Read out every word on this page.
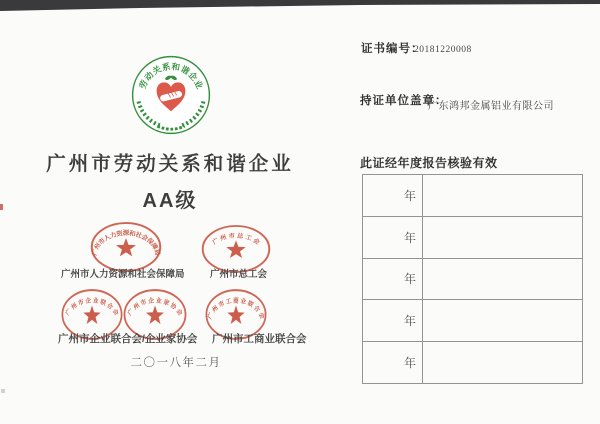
劳动关系和谐企业
广州市劳动关系和谐企业
AA级
广州市人力资源和社会保障局
广州市总工会
广州市企业联合会 广州市企业家协会 广州市工商业联合会
广州市人力资源和社会保障局	广州市总工会
广州市企业联合会/企业家协会 广州市工商业联合会
二〇一八年二月
证书编号：
20181220008
持证单位盖章：
广东鸿邦金属铝业有限公司
此证经年度报告核验有效
年	
年	
年	
年	
年	
